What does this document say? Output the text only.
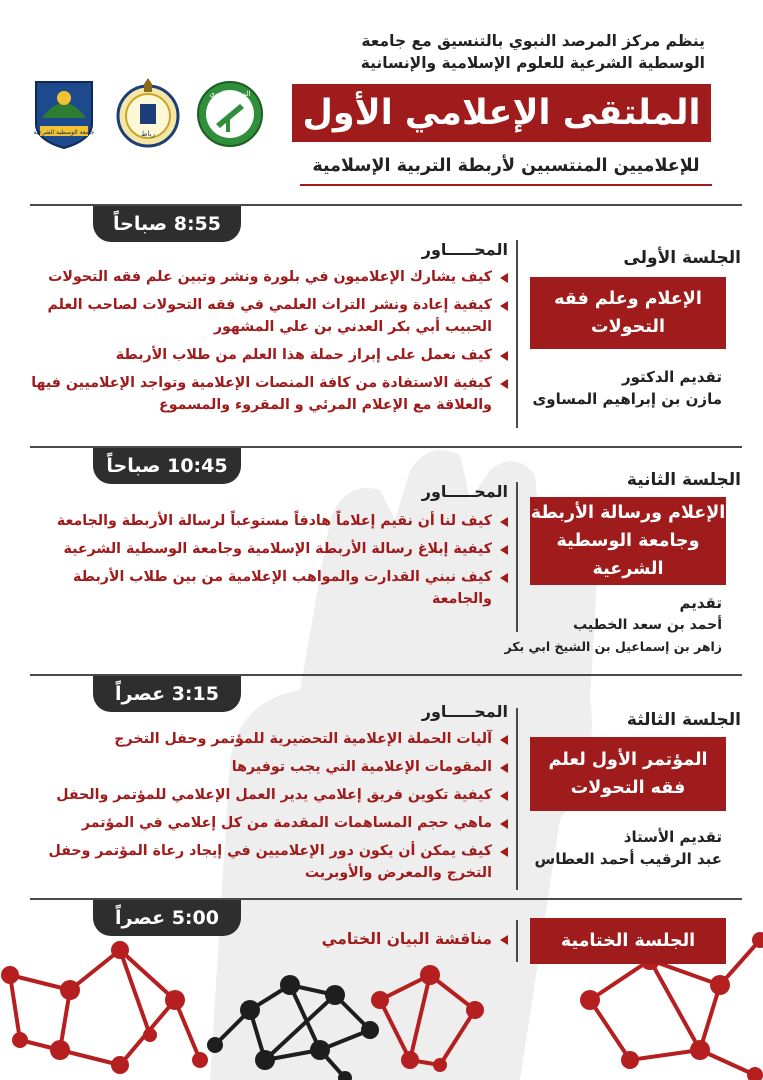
ينظم مركز المرصد النبوي بالتنسيق مع جامعة
الوسطية الشرعية للعلوم الإسلامية والإنسانية
الملتقى الإعلامي الأول
للإعلاميين المنتسبين لأربطة التربية الإسلامية
جامعة الوسطية الشرعية	رباط
المرصد النبوي
8:55 صباحاً
الجلسة الأولى
الإعلام وعلم فقه التحولات
تقديم الدكتور
مازن بن إبراهيم المساوى
المحـــــاور
كيف يشارك الإعلاميون في بلورة ونشر وتبين علم فقه التحولات
كيفية إعادة ونشر التراث العلمي في فقه التحولات لصاحب العلم الحبيب أبي بكر العدني بن علي المشهور
كيف نعمل على إبراز حملة هذا العلم من طلاب الأربطة
كيفية الاستفادة من كافة المنصات الإعلامية وتواجد الإعلاميين فيها والعلاقة مع الإعلام المرئي و المقروء والمسموع
10:45 صباحاً
الجلسة الثانية
الإعلام ورسالة الأربطة وجامعة الوسطية الشرعية
تقديم
أحمد بن سعد الخطيب
زاهر بن إسماعيل بن الشيخ ابي بكر
المحـــــاور
كيف لنا أن نقيم إعلاماً هادفاً مستوعباً لرسالة الأربطة والجامعة
كيفية إبلاغ رسالة الأربطة الإسلامية وجامعة الوسطية الشرعية
كيف نبني القدارت والمواهب الإعلامية من بين طلاب الأربطة والجامعة
3:15 عصراً
الجلسة الثالثة
المؤتمر الأول لعلم فقه التحولات
تقديم الأستاذ
عبد الرقيب أحمد العطاس
المحـــــاور
آليات الحملة الإعلامية التحضيرية للمؤتمر وحفل التخرج
المقومات الإعلامية التي يجب توفيرها
كيفية تكوين فريق إعلامي يدير العمل الإعلامي للمؤتمر والحفل
ماهي حجم المساهمات المقدمة من كل إعلامي في المؤتمر
كيف يمكن أن يكون دور الإعلاميين في إيجاد رعاة المؤتمر وحفل التخرج والمعرض والأوبريت
5:00 عصراً
الجلسة الختامية
مناقشة البيان الختامي
